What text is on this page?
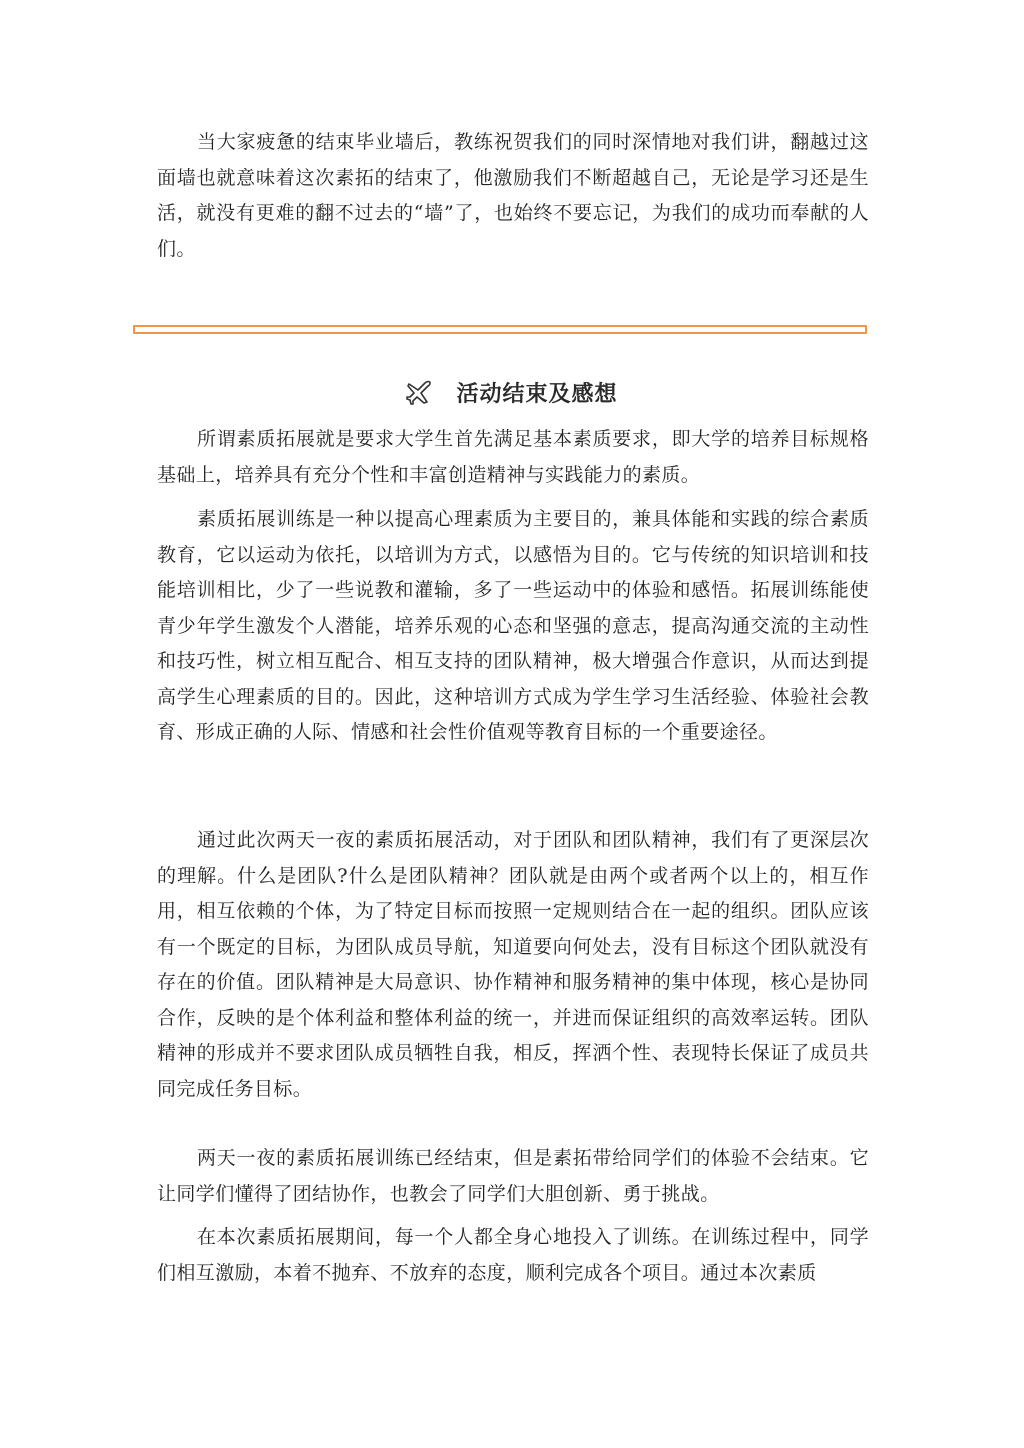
当大家疲惫的结束毕业墙后，教练祝贺我们的同时深情地对我们讲，翻越过这面墙也就意味着这次素拓的结束了，他激励我们不断超越自己，无论是学习还是生活，就没有更难的翻不过去的“墙”了，也始终不要忘记，为我们的成功而奉献的人们。

活动结束及感想

所谓素质拓展就是要求大学生首先满足基本素质要求，即大学的培养目标规格基础上，培养具有充分个性和丰富创造精神与实践能力的素质。

素质拓展训练是一种以提高心理素质为主要目的，兼具体能和实践的综合素质教育，它以运动为依托，以培训为方式，以感悟为目的。它与传统的知识培训和技能培训相比，少了一些说教和灌输，多了一些运动中的体验和感悟。拓展训练能使青少年学生激发个人潜能，培养乐观的心态和坚强的意志，提高沟通交流的主动性和技巧性，树立相互配合、相互支持的团队精神，极大增强合作意识，从而达到提高学生心理素质的目的。因此，这种培训方式成为学生学习生活经验、体验社会教育、形成正确的人际、情感和社会性价值观等教育目标的一个重要途径。

通过此次两天一夜的素质拓展活动，对于团队和团队精神，我们有了更深层次的理解。什么是团队?什么是团队精神？团队就是由两个或者两个以上的，相互作用，相互依赖的个体，为了特定目标而按照一定规则结合在一起的组织。团队应该有一个既定的目标，为团队成员导航，知道要向何处去，没有目标这个团队就没有存在的价值。团队精神是大局意识、协作精神和服务精神的集中体现，核心是协同合作，反映的是个体利益和整体利益的统一，并进而保证组织的高效率运转。团队精神的形成并不要求团队成员牺牲自我，相反，挥洒个性、表现特长保证了成员共同完成任务目标。

两天一夜的素质拓展训练已经结束，但是素拓带给同学们的体验不会结束。它让同学们懂得了团结协作，也教会了同学们大胆创新、勇于挑战。

在本次素质拓展期间，每一个人都全身心地投入了训练。在训练过程中，同学们相互激励，本着不抛弃、不放弃的态度，顺利完成各个项目。通过本次素质
